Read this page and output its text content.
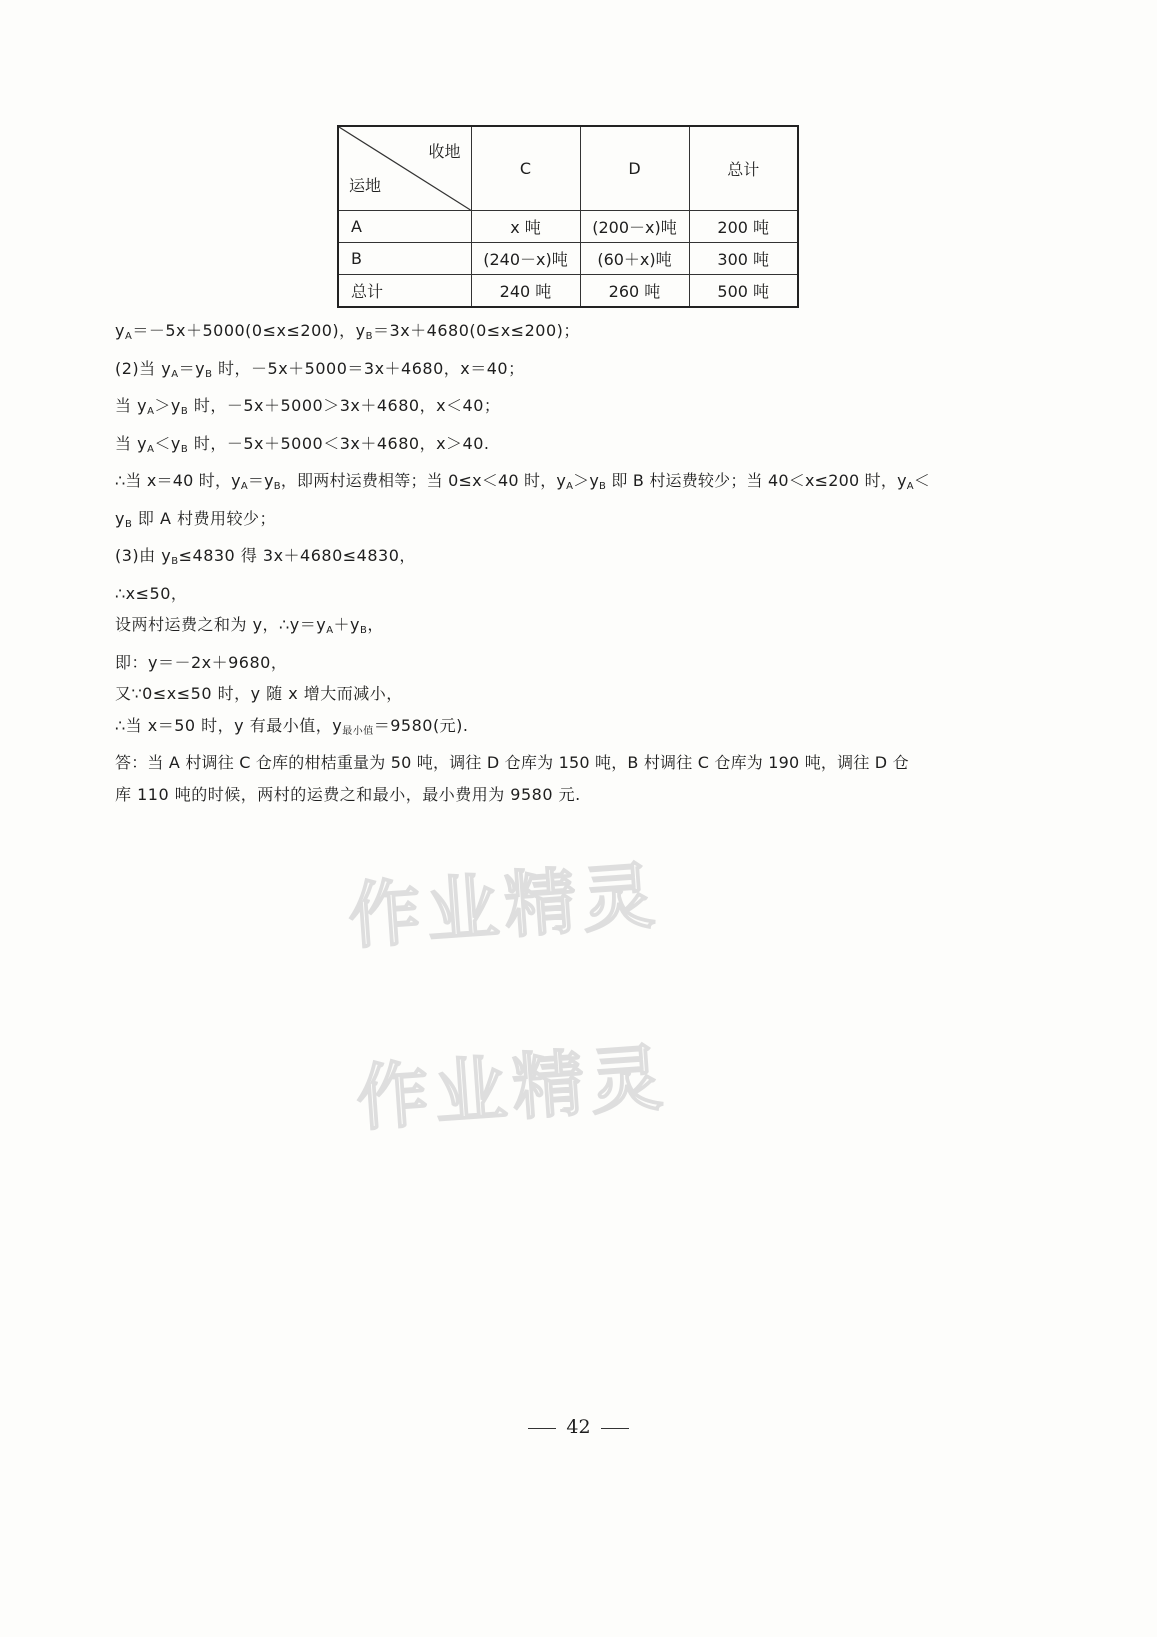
收地
运地	C	D	总计
A	x 吨	(200－x)吨	200 吨
B	(240－x)吨	(60＋x)吨	300 吨
总计	240 吨	260 吨	500 吨
$y_A=-5x+5000(0\le x\le 200)$，$y_B=3x+4680(0\le x\le 200)$；
(2)当 $y_A=y_B$ 时，－5x＋5000＝3x＋4680，x＝40；
当 $y_A>y_B$ 时，－5x＋5000＞3x＋4680，x＜40；
当 $y_A<y_B$ 时，－5x＋5000＜3x＋4680，x＞40.
∴当 x＝40 时，$y_A=y_B$，即两村运费相等；当 0≤x＜40 时，$y_A>y_B$ 即 B 村运费较少；当 40＜x≤200 时，$y_A<$
$y_B$ 即 A 村费用较少；
(3)由 $y_B\le 4830$ 得 3x＋4680≤4830，
∴x≤50，
设两村运费之和为 y，$\therefore y=y_A+y_B$，
即：y＝－2x＋9680，
又∵0≤x≤50 时，y 随 x 增大而减小，
∴当 x＝50 时，y 有最小值，$y_{最小值}=9580$(元).
答：当 A 村调往 C 仓库的柑桔重量为 50 吨，调往 D 仓库为 150 吨，B 村调往 C 仓库为 190 吨，调往 D 仓
库 110 吨的时候，两村的运费之和最小，最小费用为 9580 元.
作业精灵
作业精灵
42
